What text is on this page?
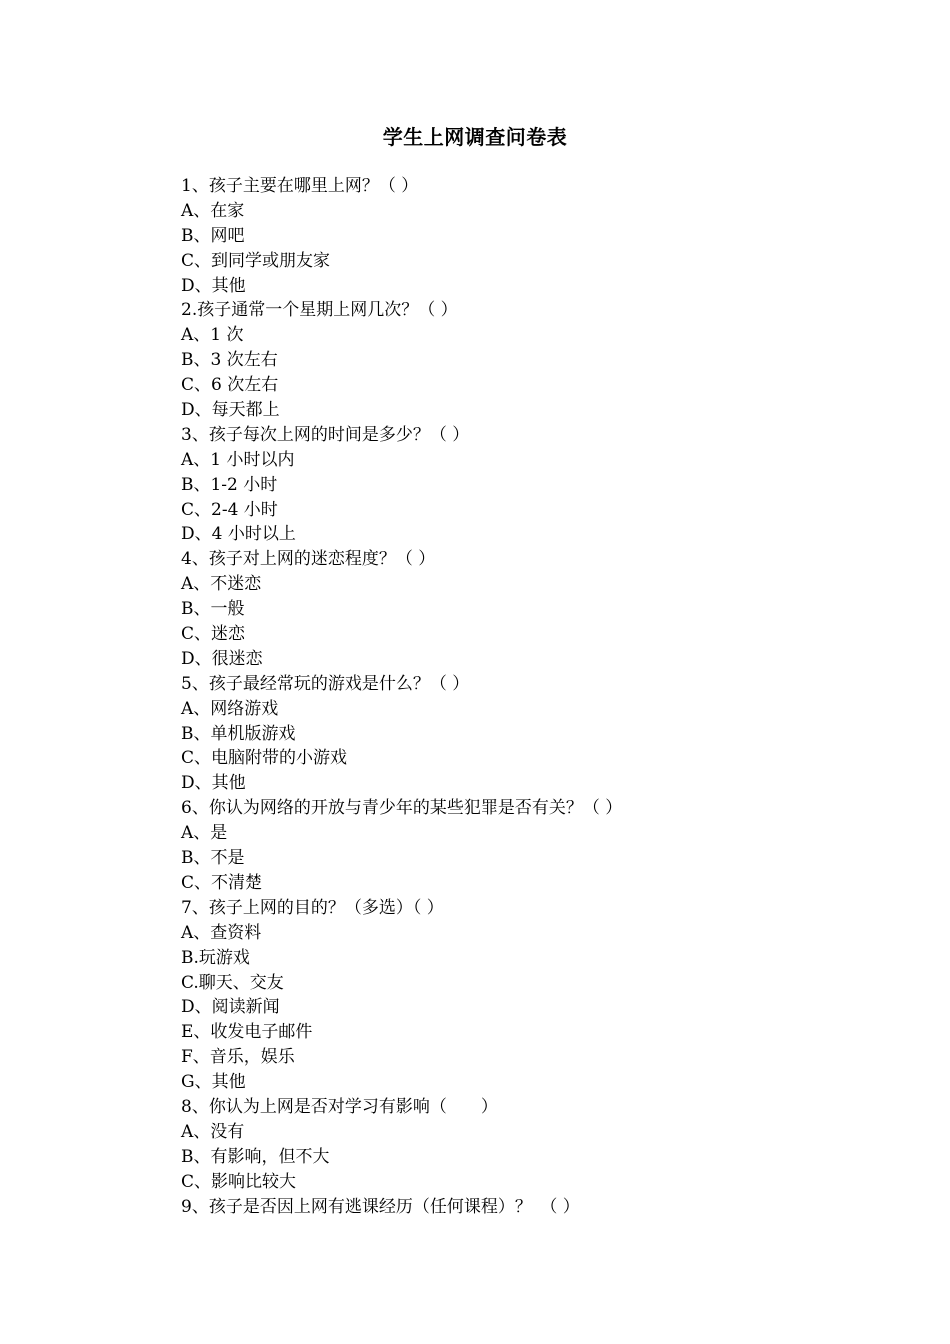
学生上网调查问卷表
1、孩子主要在哪里上网？（ ）
A、在家
B、网吧
C、到同学或朋友家
D、其他
2.孩子通常一个星期上网几次？（ ）
A、1 次
B、3 次左右
C、6 次左右
D、每天都上
3、孩子每次上网的时间是多少？（ ）
A、1 小时以内
B、1-2 小时
C、2-4 小时
D、4 小时以上
4、孩子对上网的迷恋程度？（ ）
A、不迷恋
B、一般
C、迷恋
D、很迷恋
5、孩子最经常玩的游戏是什么？（ ）
A、网络游戏
B、单机版游戏
C、电脑附带的小游戏
D、其他
6、你认为网络的开放与青少年的某些犯罪是否有关？（ ）
A、是
B、不是
C、不清楚
7、孩子上网的目的？（多选）（ ）
A、查资料
B.玩游戏
C.聊天、交友
D、阅读新闻
E、收发电子邮件
F、音乐，娱乐
G、其他
8、你认为上网是否对学习有影响（　　）
A、没有
B、有影响，但不大
C、影响比较大
9、孩子是否因上网有逃课经历（任何课程）？　（ ）
